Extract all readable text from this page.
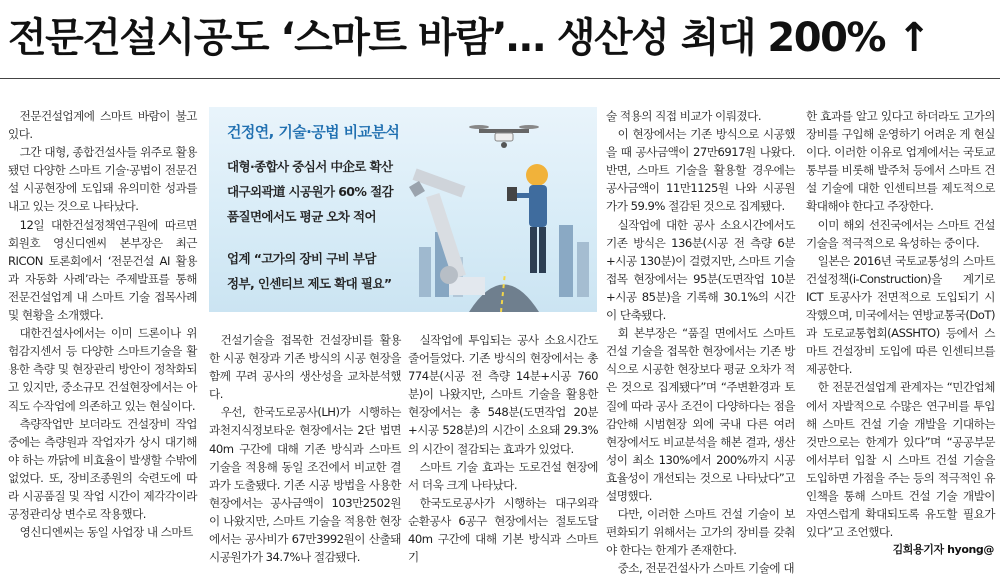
전문건설시공도 ‘스마트 바람’… 생산성 최대 200% ↑

전문건설업계에 스마트 바람이 불고 있다.

그간 대형, 종합건설사들 위주로 활용됐던 다양한 스마트 기술·공법이 전문건설 시공현장에 도입돼 유의미한 성과를 내고 있는 것으로 나타났다.

12일 대한건설정책연구원에 따르면 회원호 영신디엔씨 본부장은 최근 RICON 토론회에서 ‘전문건설 AI 활용과 자동화 사례’라는 주제발표를 통해 전문건설업계 내 스마트 기술 접목사례 및 현황을 소개했다.

대한건설사에서는 이미 드론이나 위험감지센서 등 다양한 스마트기술을 활용한 측량 및 현장관리 방안이 정착화되고 있지만, 중소규모 건설현장에서는 아직도 수작업에 의존하고 있는 현실이다.

측량작업만 보더라도 건설장비 작업중에는 측량원과 작업자가 상시 대기해야 하는 까닭에 비효율이 발생할 수밖에 없었다. 또, 장비조종원의 숙련도에 따라 시공품질 및 작업 시간이 제각각이라 공정관리상 변수로 작용했다.

영신디엔씨는 동일 사업장 내 스마트

건정연, 기술·공법 비교분석
대형·종합사 중심서 中企로 확산
대구외곽道 시공원가 60% 절감
품질면에서도 평균 오차 적어
업계 “고가의 장비 구비 부담
정부, 인센티브 제도 확대 필요”

건설기술을 접목한 건설장비를 활용한 시공 현장과 기존 방식의 시공 현장을 함께 꾸려 공사의 생산성을 교차분석했다.

우선, 한국도로공사(LH)가 시행하는 과천지식정보타운 현장에서는 2단 법면 40m 구간에 대해 기존 방식과 스마트 기술을 적용해 동일 조건에서 비교한 결과가 도출됐다. 기존 시공 방법을 사용한 현장에서는 공사금액이 103만2502원이 나왔지만, 스마트 기술을 적용한 현장에서는 공사비가 67만3992원이 산출돼 시공원가가 34.7%나 절감됐다.

실작업에 투입되는 공사 소요시간도 줄어들었다. 기존 방식의 현장에서는 총 774분(시공 전 측량 14분+시공 760분)이 나왔지만, 스마트 기술을 활용한 현장에서는 총 548분(도면작업 20분+시공 528분)의 시간이 소요돼 29.3%의 시간이 절감되는 효과가 있었다.

스마트 기술 효과는 도로건설 현장에서 더욱 크게 나타났다.

한국도로공사가 시행하는 대구외곽 순환공사 6공구 현장에서는 절토도달 40m 구간에 대해 기본 방식과 스마트 기

술 적용의 직접 비교가 이뤄졌다.

이 현장에서는 기존 방식으로 시공했을 때 공사금액이 27만6917원 나왔다. 반면, 스마트 기술을 활용할 경우에는 공사금액이 11만1125원 나와 시공원가가 59.9% 절감된 것으로 집계됐다.

실작업에 대한 공사 소요시간에서도 기존 방식은 136분(시공 전 측량 6분+시공 130분)이 걸렸지만, 스마트 기술 접목 현장에서는 95분(도면작업 10분+시공 85분)을 기록해 30.1%의 시간이 단축됐다.

회 본부장은 “품질 면에서도 스마트 건설 기술을 접목한 현장에서는 기존 방식으로 시공한 현장보다 평균 오차가 적은 것으로 집계됐다”며 “주변환경과 토질에 따라 공사 조건이 다양하다는 점을 감안해 시범현장 외에 국내 다른 여러 현장에서도 비교분석을 해본 결과, 생산성이 최소 130%에서 200%까지 시공 효율성이 개선되는 것으로 나타났다”고 설명했다.

다만, 이러한 스마트 건설 기술이 보편화되기 위해서는 고가의 장비를 갖춰야 한다는 한계가 존재한다.

중소, 전문건설사가 스마트 기술에 대

한 효과를 알고 있다고 하더라도 고가의 장비를 구입해 운영하기 어려운 게 현실이다. 이러한 이유로 업계에서는 국토교통부를 비롯해 발주처 등에서 스마트 건설 기술에 대한 인센티브를 제도적으로 확대해야 한다고 주장한다.

이미 해외 선진국에서는 스마트 건설기술을 적극적으로 육성하는 중이다.

일본은 2016년 국토교통성의 스마트 건설정책(i-Construction)을 계기로 ICT 토공사가 전면적으로 도입되기 시작했으며, 미국에서는 연방교통국(DoT)과 도로교통협회(ASSHTO) 등에서 스마트 건설장비 도입에 따른 인센티브를 제공한다.

한 전문건설업계 관계자는 “민간업체에서 자발적으로 수많은 연구비를 투입해 스마트 건설 기술 개발을 기대하는 것만으로는 한계가 있다”며 “공공부문에서부터 입찰 시 스마트 건설 기술을 도입하면 가점을 주는 등의 적극적인 유인책을 통해 스마트 건설 기술 개발이 자연스럽게 확대되도록 유도할 필요가 있다”고 조언했다.

김희용기자 hyong@
